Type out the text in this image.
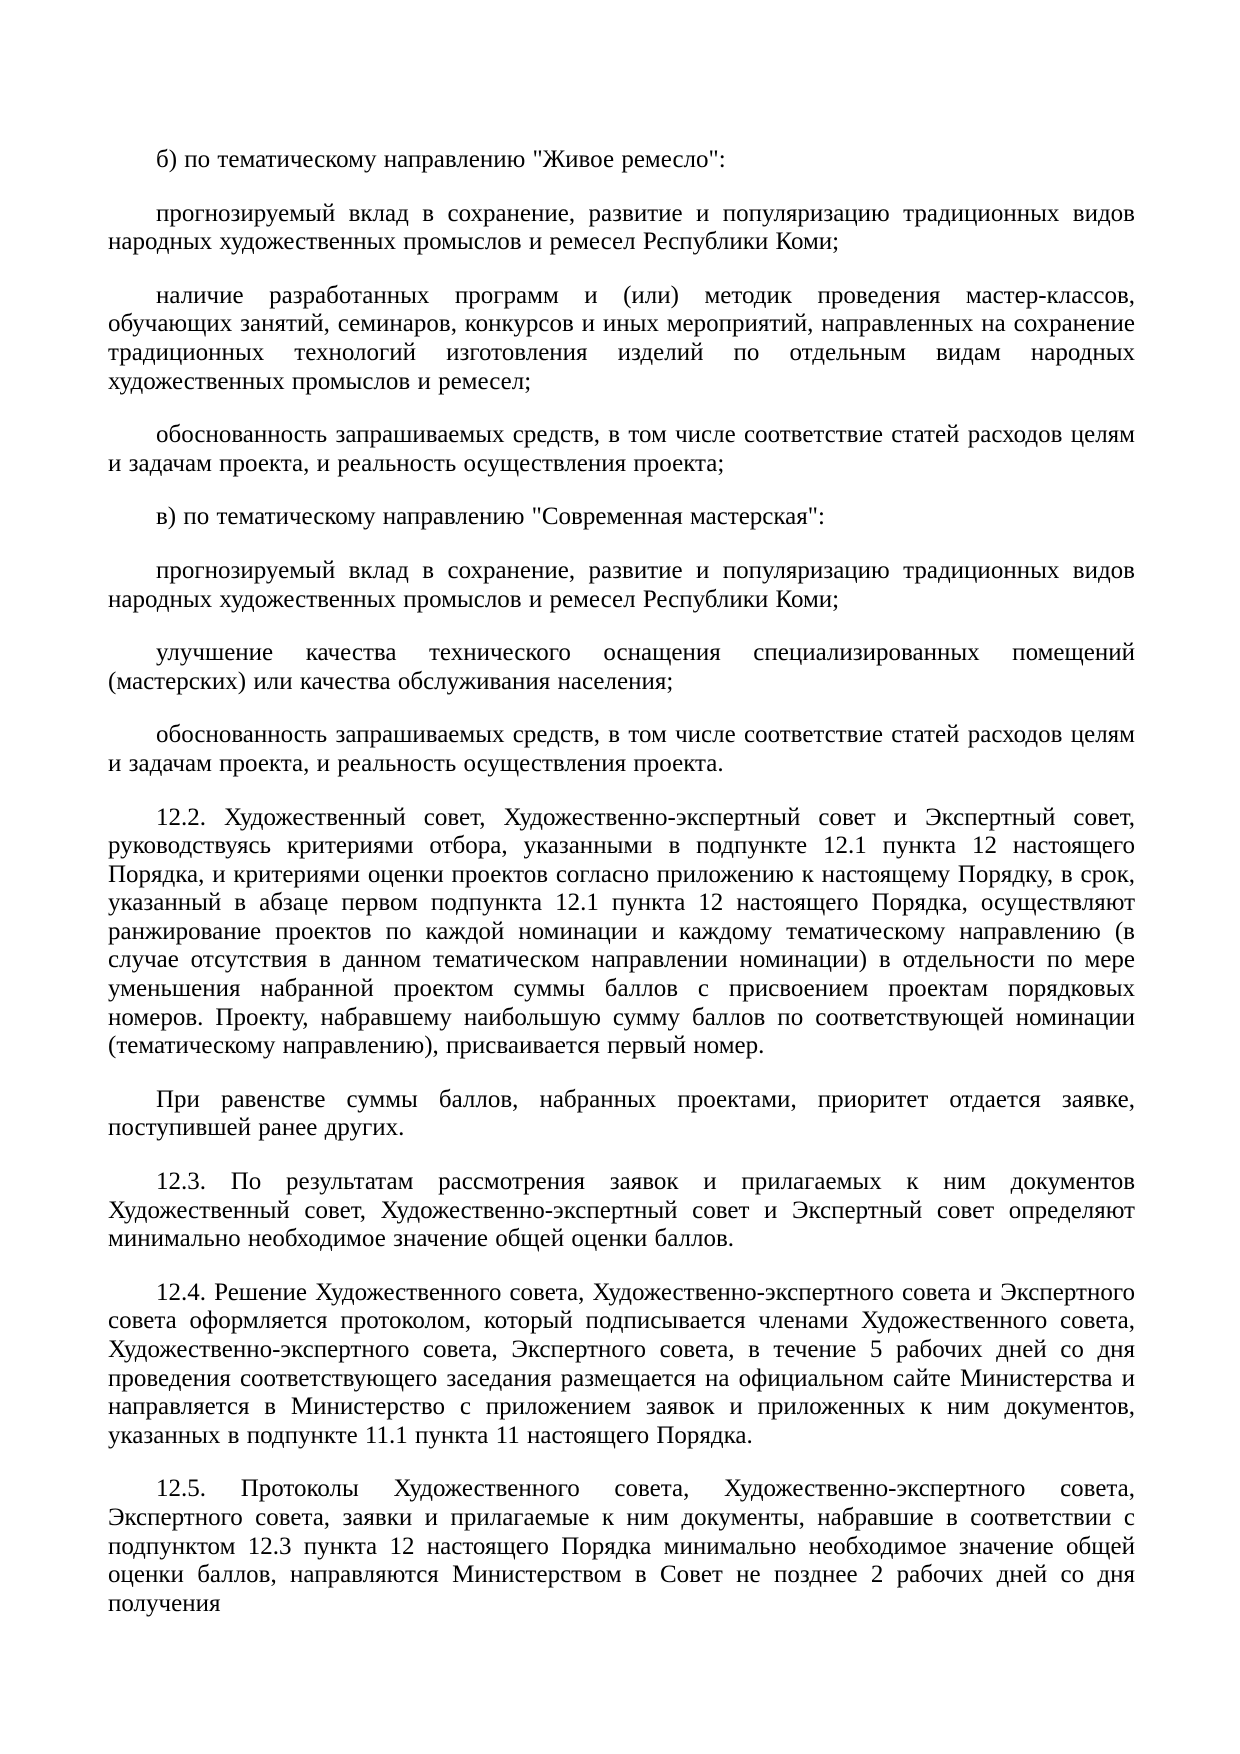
б) по тематическому направлению "Живое ремесло":

прогнозируемый вклад в сохранение, развитие и популяризацию традиционных видов народных художественных промыслов и ремесел Республики Коми;

наличие разработанных программ и (или) методик проведения мастер-классов, обучающих занятий, семинаров, конкурсов и иных мероприятий, направленных на сохранение традиционных технологий изготовления изделий по отдельным видам народных художественных промыслов и ремесел;

обоснованность запрашиваемых средств, в том числе соответствие статей расходов целям и задачам проекта, и реальность осуществления проекта;

в) по тематическому направлению "Современная мастерская":

прогнозируемый вклад в сохранение, развитие и популяризацию традиционных видов народных художественных промыслов и ремесел Республики Коми;

улучшение качества технического оснащения специализированных помещений (мастерских) или качества обслуживания населения;

обоснованность запрашиваемых средств, в том числе соответствие статей расходов целям и задачам проекта, и реальность осуществления проекта.

12.2. Художественный совет, Художественно-экспертный совет и Экспертный совет, руководствуясь критериями отбора, указанными в подпункте 12.1 пункта 12 настоящего Порядка, и критериями оценки проектов согласно приложению к настоящему Порядку, в срок, указанный в абзаце первом подпункта 12.1 пункта 12 настоящего Порядка, осуществляют ранжирование проектов по каждой номинации и каждому тематическому направлению (в случае отсутствия в данном тематическом направлении номинации) в отдельности по мере уменьшения набранной проектом суммы баллов с присвоением проектам порядковых номеров. Проекту, набравшему наибольшую сумму баллов по соответствующей номинации (тематическому направлению), присваивается первый номер.

При равенстве суммы баллов, набранных проектами, приоритет отдается заявке, поступившей ранее других.

12.3. По результатам рассмотрения заявок и прилагаемых к ним документов Художественный совет, Художественно-экспертный совет и Экспертный совет определяют минимально необходимое значение общей оценки баллов.

12.4. Решение Художественного совета, Художественно-экспертного совета и Экспертного совета оформляется протоколом, который подписывается членами Художественного совета, Художественно-экспертного совета, Экспертного совета, в течение 5 рабочих дней со дня проведения соответствующего заседания размещается на официальном сайте Министерства и направляется в Министерство с приложением заявок и приложенных к ним документов, указанных в подпункте 11.1 пункта 11 настоящего Порядка.

12.5. Протоколы Художественного совета, Художественно-экспертного совета, Экспертного совета, заявки и прилагаемые к ним документы, набравшие в соответствии с подпунктом 12.3 пункта 12 настоящего Порядка минимально необходимое значение общей оценки баллов, направляются Министерством в Совет не позднее 2 рабочих дней со дня получения
